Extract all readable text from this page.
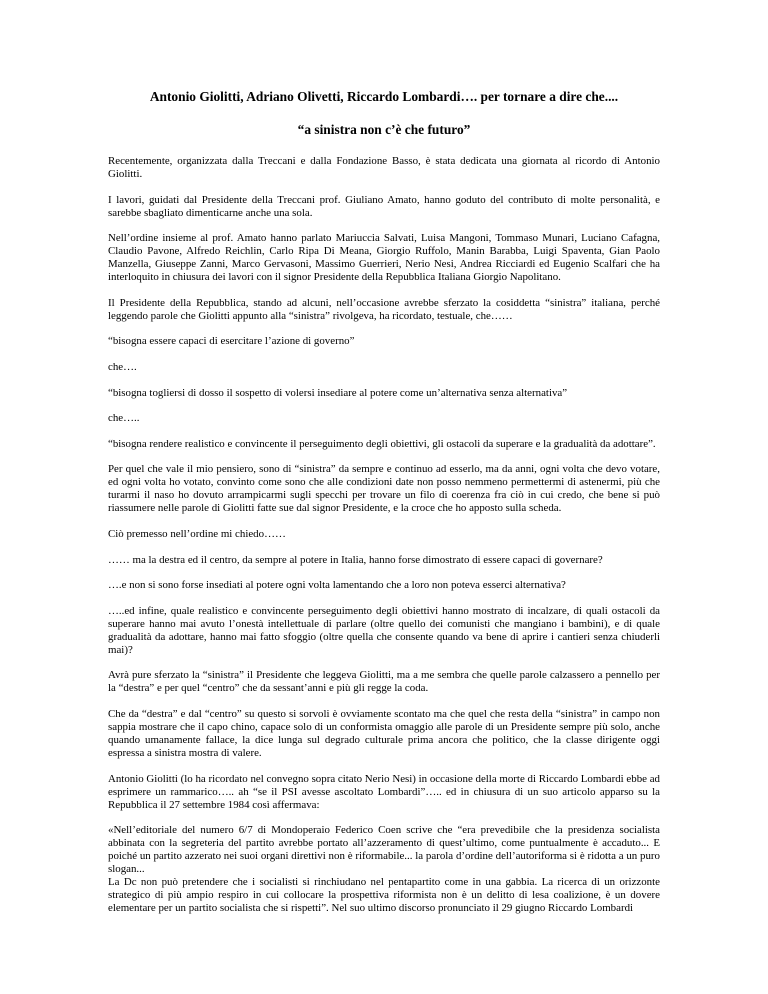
Antonio Giolitti, Adriano Olivetti, Riccardo Lombardi…. per tornare a dire che....
“a sinistra non c’è che futuro”

Recentemente, organizzata dalla Treccani e dalla Fondazione Basso, è stata dedicata una giornata al ricordo di Antonio Giolitti.

I lavori, guidati dal Presidente della Treccani prof. Giuliano Amato, hanno goduto del contributo di molte personalità, e sarebbe sbagliato dimenticarne anche una sola.

Nell’ordine insieme al prof. Amato hanno parlato Mariuccia Salvati, Luisa Mangoni, Tommaso Munari, Luciano Cafagna, Claudio Pavone, Alfredo Reichlin, Carlo Ripa Di Meana, Giorgio Ruffolo, Manin Barabba, Luigi Spaventa, Gian Paolo Manzella, Giuseppe Zanni, Marco Gervasoni, Massimo Guerrieri, Nerio Nesi, Andrea Ricciardi ed Eugenio Scalfari che ha interloquito in chiusura dei lavori con il signor Presidente della Repubblica Italiana Giorgio Napolitano.

Il Presidente della Repubblica, stando ad alcuni, nell’occasione avrebbe sferzato la cosiddetta “sinistra” italiana, perché leggendo parole che Giolitti appunto alla “sinistra” rivolgeva, ha ricordato, testuale, che……

“bisogna essere capaci di esercitare l’azione di governo”

che….

“bisogna togliersi di dosso il sospetto di volersi insediare al potere come un’alternativa senza alternativa”

che…..

“bisogna rendere realistico e convincente il perseguimento degli obiettivi, gli ostacoli da superare e la gradualità da adottare”.

Per quel che vale il mio pensiero, sono di “sinistra” da sempre e continuo ad esserlo, ma da anni, ogni volta che devo votare, ed ogni volta ho votato, convinto come sono che alle condizioni date non posso nemmeno permettermi di astenermi, più che turarmi il naso ho dovuto arrampicarmi sugli specchi per trovare un filo di coerenza fra ciò in cui credo, che bene si può riassumere nelle parole di Giolitti fatte sue dal signor Presidente, e la croce che ho apposto sulla scheda.

Ciò premesso nell’ordine mi chiedo……

…… ma la destra ed il centro, da sempre al potere in Italia, hanno forse dimostrato di essere capaci di governare?

….e non si sono forse insediati al potere ogni volta lamentando che a loro non poteva esserci alternativa?

…..ed infine, quale realistico e convincente perseguimento degli obiettivi hanno mostrato di incalzare, di quali ostacoli da superare hanno mai avuto l’onestà intellettuale di parlare (oltre quello dei comunisti che mangiano i bambini), e di quale gradualità da adottare, hanno mai fatto sfoggio (oltre quella che consente quando va bene di aprire i cantieri senza chiuderli mai)?

Avrà pure sferzato la “sinistra” il Presidente che leggeva Giolitti, ma a me sembra che quelle parole calzassero a pennello per la “destra” e per quel “centro” che da sessant’anni e più gli regge la coda.

Che da “destra” e dal “centro” su questo si sorvoli è ovviamente scontato ma che quel che resta della “sinistra” in campo non sappia mostrare che il capo chino, capace solo di un conformista omaggio alle parole di un Presidente sempre più solo, anche quando umanamente fallace, la dice lunga sul degrado culturale prima ancora che politico, che la classe dirigente oggi espressa a sinistra mostra di valere.

Antonio Giolitti (lo ha ricordato nel convegno sopra citato Nerio Nesi) in occasione della morte di Riccardo Lombardi ebbe ad esprimere un rammarico….. ah “se il PSI avesse ascoltato Lombardi”….. ed in chiusura di un suo articolo apparso su la Repubblica il 27 settembre 1984 così affermava:

«Nell’editoriale del numero 6/7 di Mondoperaio Federico Coen scrive che “era prevedibile che la presidenza socialista abbinata con la segreteria del partito avrebbe portato all’azzeramento di quest’ultimo, come puntualmente è accaduto... E poiché un partito azzerato nei suoi organi direttivi non è riformabile... la parola d’ordine dell’autoriforma si è ridotta a un puro slogan...

La Dc non può pretendere che i socialisti si rinchiudano nel pentapartito come in una gabbia. La ricerca di un orizzonte strategico di più ampio respiro in cui collocare la prospettiva riformista non è un delitto di lesa coalizione, è un dovere elementare per un partito socialista che si rispetti”. Nel suo ultimo discorso pronunciato il 29 giugno Riccardo Lombardi
